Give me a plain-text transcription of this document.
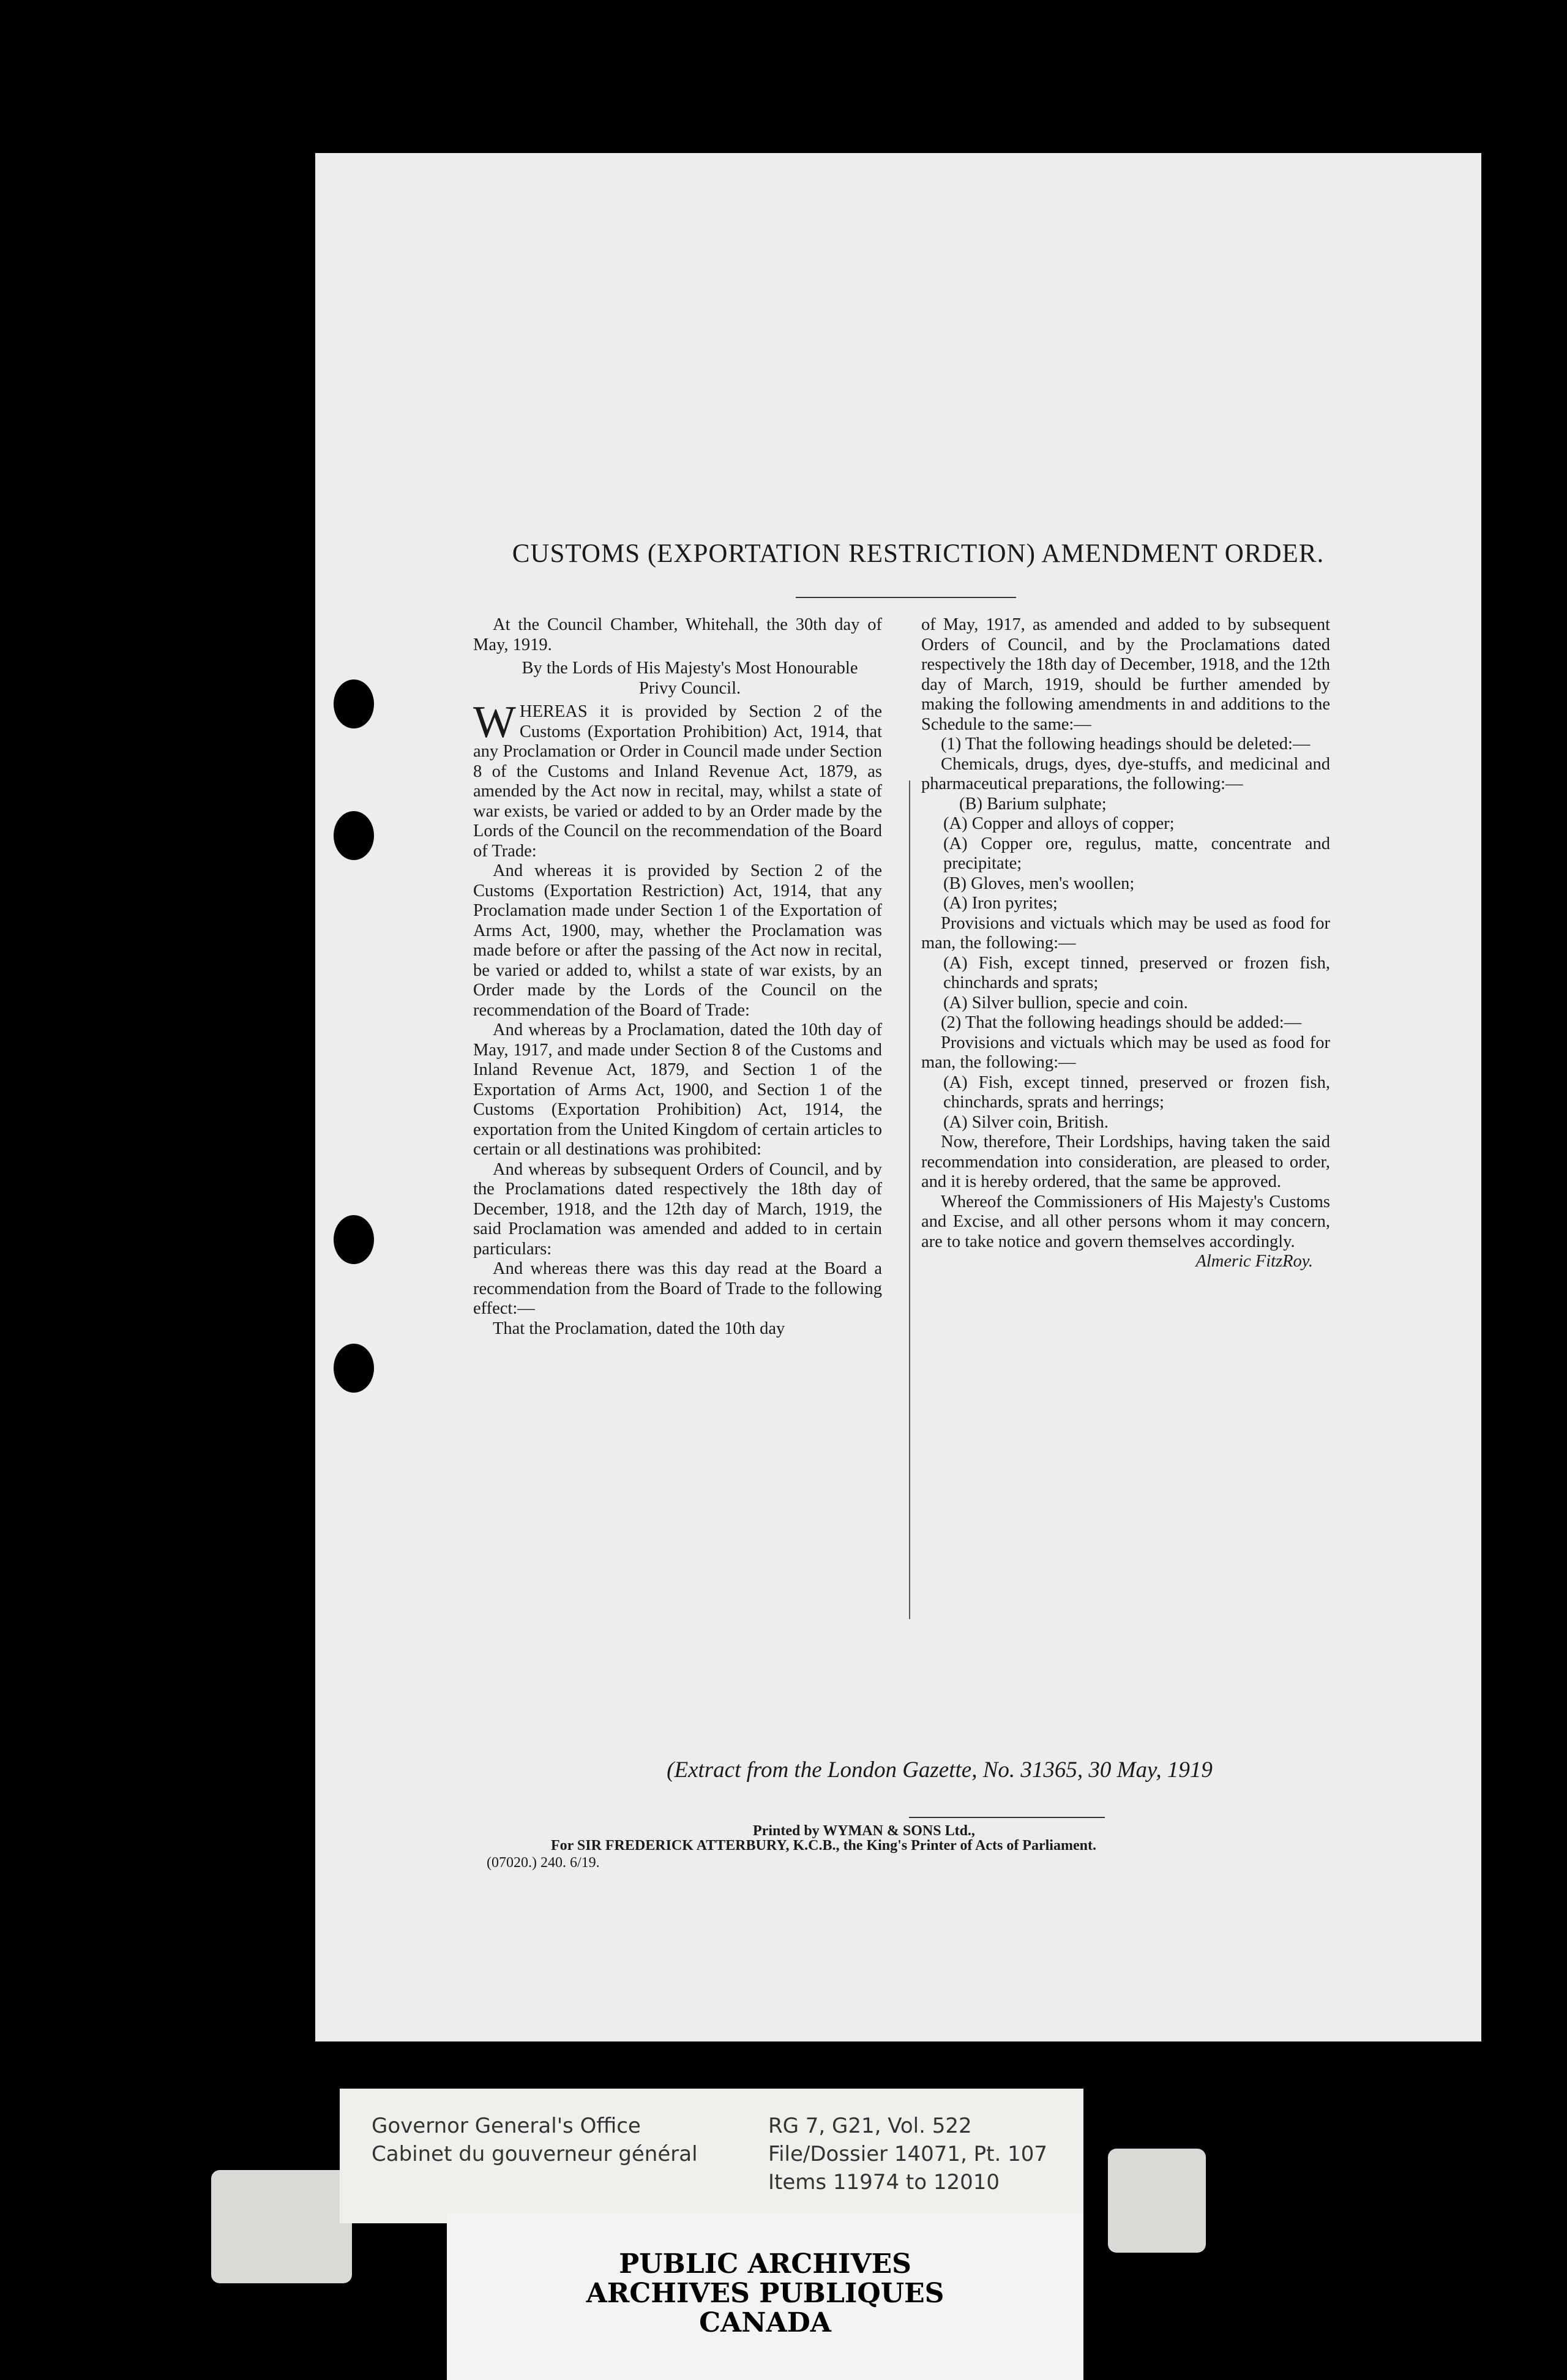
CUSTOMS (EXPORTATION RESTRICTION) AMENDMENT ORDER.

At the Council Chamber, Whitehall, the 30th day of May, 1919.

By the Lords of His Majesty's Most Honourable Privy Council.

WHEREAS it is provided by Section 2 of the Customs (Exportation Prohibition) Act, 1914, that any Proclamation or Order in Council made under Section 8 of the Customs and Inland Revenue Act, 1879, as amended by the Act now in recital, may, whilst a state of war exists, be varied or added to by an Order made by the Lords of the Council on the recommendation of the Board of Trade:

And whereas it is provided by Section 2 of the Customs (Exportation Restriction) Act, 1914, that any Proclamation made under Section 1 of the Exportation of Arms Act, 1900, may, whether the Proclamation was made before or after the passing of the Act now in recital, be varied or added to, whilst a state of war exists, by an Order made by the Lords of the Council on the recommendation of the Board of Trade:

And whereas by a Proclamation, dated the 10th day of May, 1917, and made under Section 8 of the Customs and Inland Revenue Act, 1879, and Section 1 of the Exportation of Arms Act, 1900, and Section 1 of the Customs (Exportation Prohibition) Act, 1914, the exportation from the United Kingdom of certain articles to certain or all destinations was prohibited:

And whereas by subsequent Orders of Council, and by the Proclamations dated respectively the 18th day of December, 1918, and the 12th day of March, 1919, the said Proclamation was amended and added to in certain particulars:

And whereas there was this day read at the Board a recommendation from the Board of Trade to the following effect:—

That the Proclamation, dated the 10th day

of May, 1917, as amended and added to by subsequent Orders of Council, and by the Proclamations dated respectively the 18th day of December, 1918, and the 12th day of March, 1919, should be further amended by making the following amendments in and additions to the Schedule to the same:—

(1) That the following headings should be deleted:—

Chemicals, drugs, dyes, dye-stuffs, and medicinal and pharmaceutical preparations, the following:—

(B) Barium sulphate;

(A) Copper and alloys of copper;

(A) Copper ore, regulus, matte, concentrate and precipitate;

(B) Gloves, men's woollen;

(A) Iron pyrites;

Provisions and victuals which may be used as food for man, the following:—

(A) Fish, except tinned, preserved or frozen fish, chinchards and sprats;

(A) Silver bullion, specie and coin.

(2) That the following headings should be added:—

Provisions and victuals which may be used as food for man, the following:—

(A) Fish, except tinned, preserved or frozen fish, chinchards, sprats and herrings;

(A) Silver coin, British.

Now, therefore, Their Lordships, having taken the said recommendation into consideration, are pleased to order, and it is hereby ordered, that the same be approved.

Whereof the Commissioners of His Majesty's Customs and Excise, and all other persons whom it may concern, are to take notice and govern themselves accordingly.

Almeric FitzRoy.

(Extract from the London Gazette, No. 31365, 30 May, 1919
Printed by WYMAN & SONS Ltd.,
For SIR FREDERICK ATTERBURY, K.C.B., the King's Printer of Acts of Parliament.
(07020.) 240. 6/19.
Governor General's Office
Cabinet du gouverneur général
RG 7, G21, Vol. 522
File/Dossier 14071, Pt. 107
Items 11974 to 12010
PUBLIC ARCHIVES
ARCHIVES PUBLIQUES
CANADA
